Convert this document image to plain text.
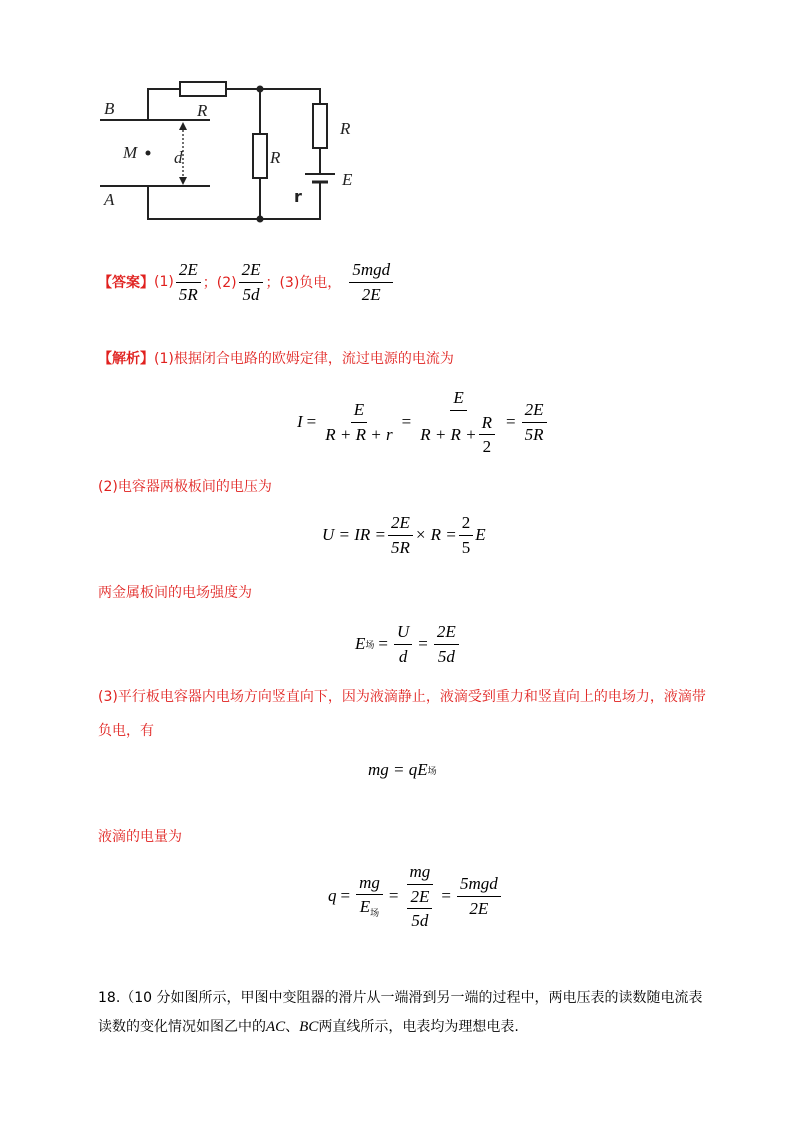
B
A
R
M d	R
R
E
r
【答案】 $(1) \frac{2E}{5R}$ ；$(2) \frac{2E}{5d}$ ；(3)负电， $\frac{\text{5mgd}}{2E}$
【解析】(1)根据闭合电路的欧姆定律，流过电源的电流为
$I = \frac{E}{R + R + r} = \frac{E}{R + R + \frac{R}{2}} = \frac{2E}{5R}$
(2)电容器两极板间的电压为
U = IR = $\frac{2E}{5R} \times R = \frac{2}{5}$ E
两金属板间的电场强度为
E 场 = $\frac{U}{d} = \frac{2E}{5d}$
(3)平行板电容器内电场方向竖直向下，因为液滴静止，液滴受到重力和竖直向上的电场力，液滴带
负电，有
mg = qE 场
液滴的电量为
$q = \frac{mg}{E_场} = \frac{mg}{\frac{2E}{5d}} = \frac{\text{5mgd}}{2E}$
18.（10 分如图所示，甲图中变阻器的滑片从一端滑到另一端的过程中，两电压表的读数随电流表
读数的变化情况如图乙中的AC、BC两直线所示，电表均为理想电表.
